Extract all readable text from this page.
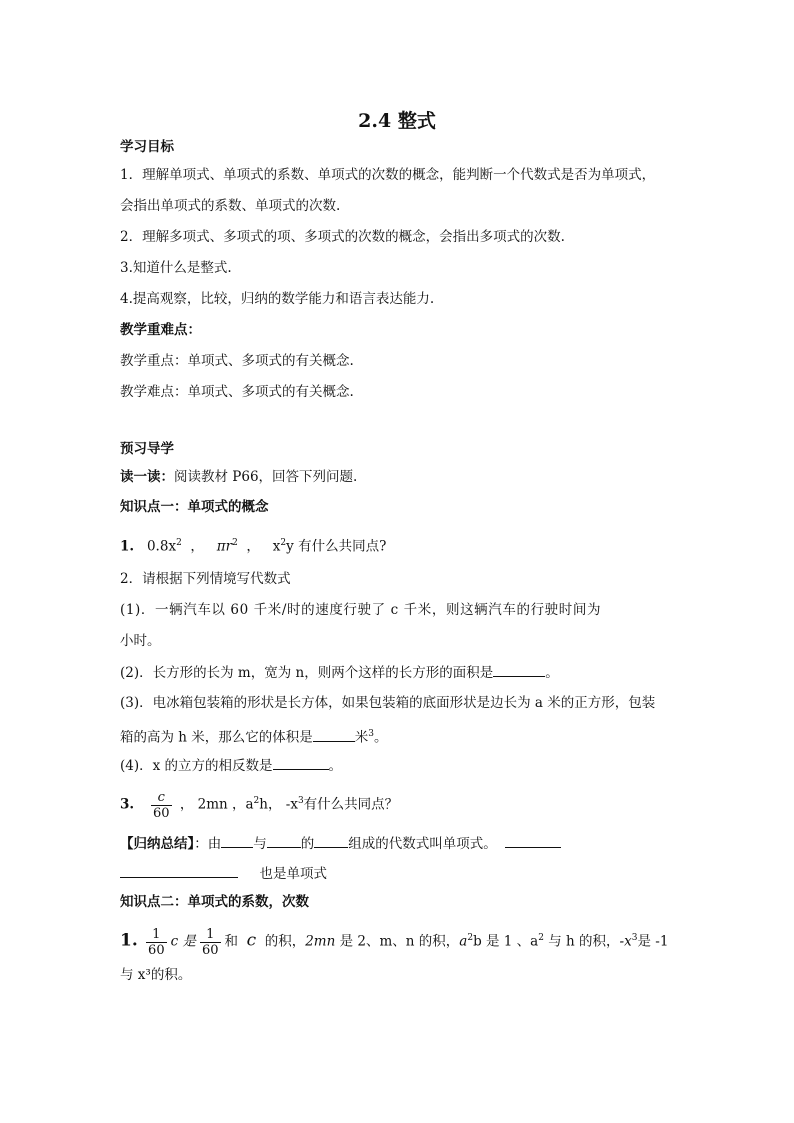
2.4 整式
学习目标
1．理解单项式、单项式的系数、单项式的次数的概念，能判断一个代数式是否为单项式，
会指出单项式的系数、单项式的次数.
2．理解多项式、多项式的项、多项式的次数的概念，会指出多项式的次数.
3.知道什么是整式.
4.提高观察，比较，归纳的数学能力和语言表达能力.
教学重难点：
教学重点：单项式、多项式的有关概念.
教学难点：单项式、多项式的有关概念.
预习导学
读一读：阅读教材 P66，回答下列问题.
知识点一：单项式的概念
1. $0.8x^2$ ， $\pi r^2$ ， $x^2y$ 有什么共同点?
2．请根据下列情境写代数式
(1)．一辆汽车以 60 千米/时的速度行驶了 c 千米，则这辆汽车的行驶时间为
小时。
(2)．长方形的长为 m，宽为 n，则两个这样的长方形的面积是	。
(3)．电冰箱包装箱的形状是长方体，如果包装箱的底面形状是边长为 a 米的正方形，包装
箱的高为 h 米，那么它的体积是	米$^3$。
(4)．x 的立方的相反数是	。
3. $\frac{c}{60}$ ， 2mn ，$a^2h$， $-x^3$有什么共同点？
【归纳总结】：由 与	的	组成的代数式叫单项式。
也是单项式
知识点二：单项式的系数，次数
1. $\frac{1}{60}$ c 是 $\frac{1}{60}$ 和 c 的积，2mn 是 2、m、n 的积，$a^2b$ 是 1 、$a^2$ 与 h 的积，$-x^3$是 -1
与 x³的积。
